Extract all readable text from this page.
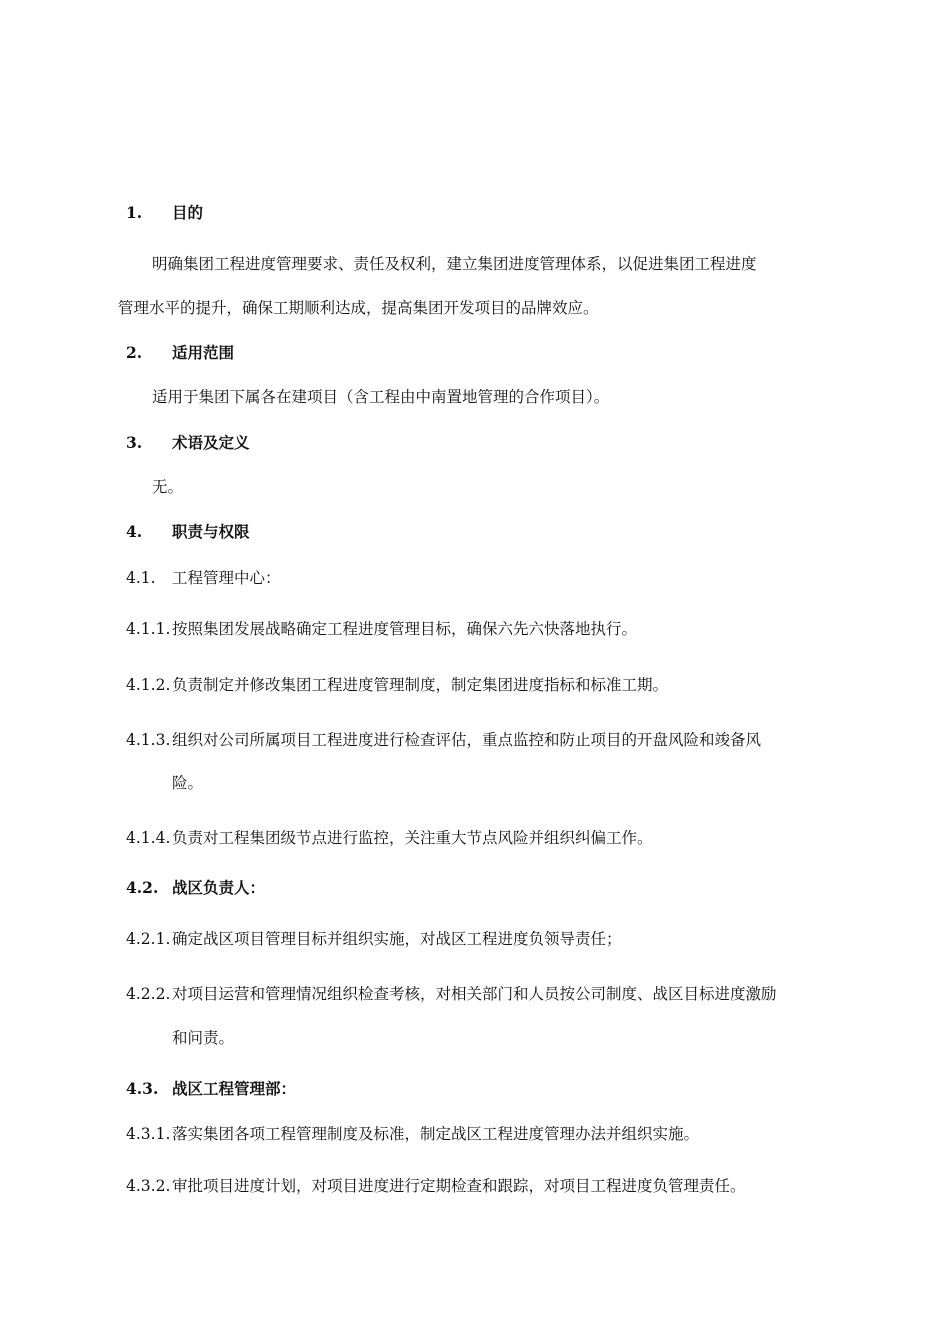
1. 目的
明确集团工程进度管理要求、责任及权利，建立集团进度管理体系，以促进集团工程进度
管理水平的提升，确保工期顺利达成，提高集团开发项目的品牌效应。
2. 适用范围
适用于集团下属各在建项目（含工程由中南置地管理的合作项目）。
3. 术语及定义
无。
4. 职责与权限
4.1. 工程管理中心：
4.1.1. 按照集团发展战略确定工程进度管理目标，确保六先六快落地执行。
4.1.2. 负责制定并修改集团工程进度管理制度，制定集团进度指标和标准工期。
4.1.3. 组织对公司所属项目工程进度进行检查评估，重点监控和防止项目的开盘风险和竣备风
险。
4.1.4. 负责对工程集团级节点进行监控，关注重大节点风险并组织纠偏工作。
4.2. 战区负责人：
4.2.1. 确定战区项目管理目标并组织实施，对战区工程进度负领导责任；
4.2.2. 对项目运营和管理情况组织检查考核，对相关部门和人员按公司制度、战区目标进度激励
和问责。
4.3. 战区工程管理部：
4.3.1. 落实集团各项工程管理制度及标准，制定战区工程进度管理办法并组织实施。
4.3.2. 审批项目进度计划，对项目进度进行定期检查和跟踪，对项目工程进度负管理责任。
